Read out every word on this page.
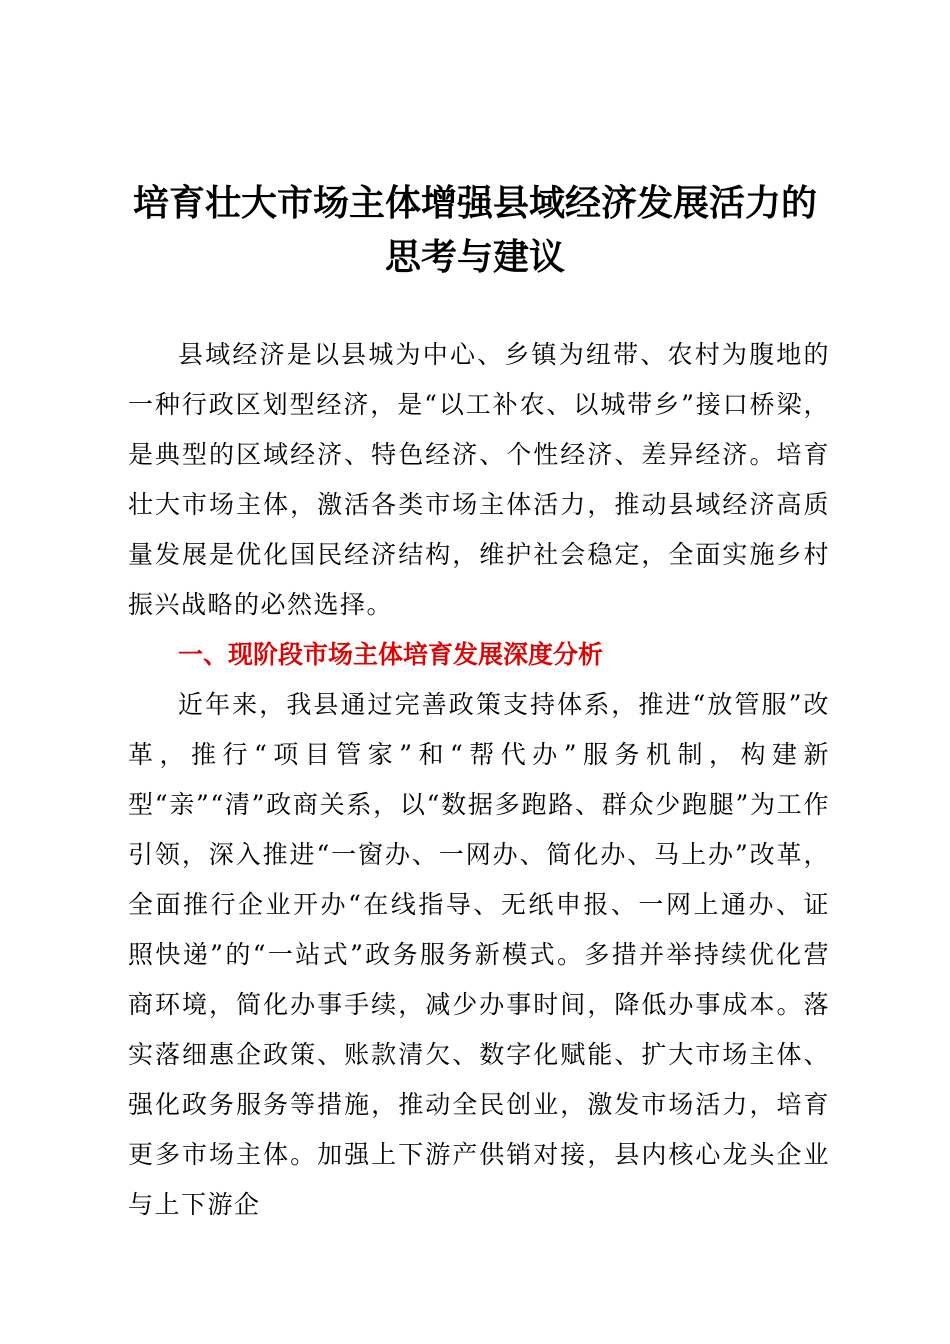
培育壮大市场主体增强县域经济发展活力的思考与建议

县域经济是以县城为中心、乡镇为纽带、农村为腹地的一种行政区划型经济，是“以工补农、以城带乡”接口桥梁，是典型的区域经济、特色经济、个性经济、差异经济。培育壮大市场主体，激活各类市场主体活力，推动县域经济高质量发展是优化国民经济结构，维护社会稳定，全面实施乡村振兴战略的必然选择。

一、现阶段市场主体培育发展深度分析

近年来，我县通过完善政策支持体系，推进“放管服”改革，推行“项目管家”和“帮代办”服务机制，构建新型“亲”“清”政商关系，以“数据多跑路、群众少跑腿”为工作引领，深入推进“一窗办、一网办、简化办、马上办”改革，全面推行企业开办“在线指导、无纸申报、一网上通办、证照快递”的“一站式”政务服务新模式。多措并举持续优化营商环境，简化办事手续，减少办事时间，降低办事成本。落实落细惠企政策、账款清欠、数字化赋能、扩大市场主体、强化政务服务等措施，推动全民创业，激发市场活力，培育更多市场主体。加强上下游产供销对接，县内核心龙头企业与上下游企
